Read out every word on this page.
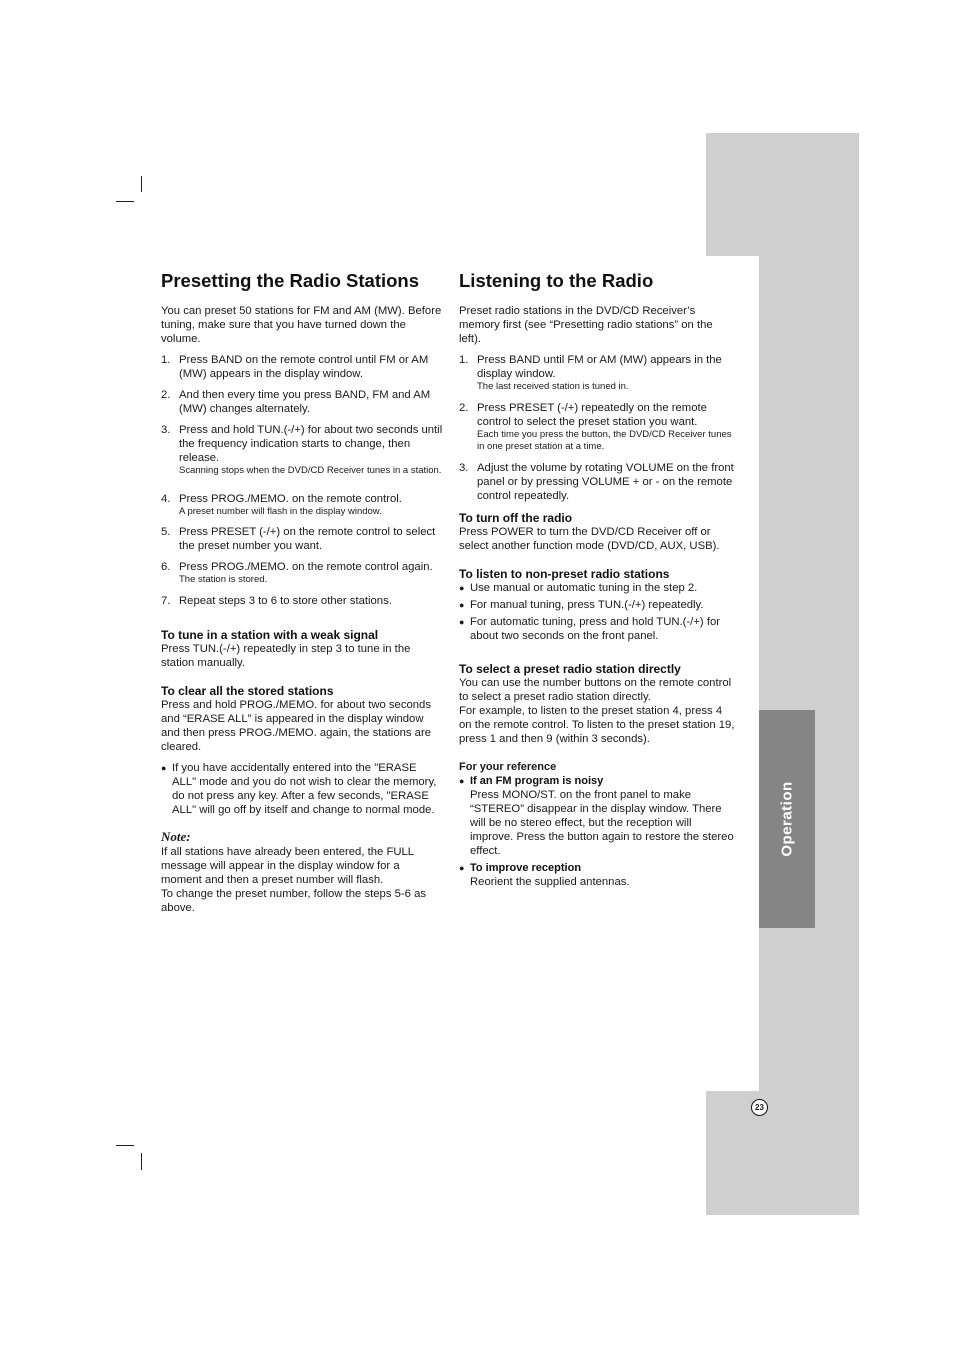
Operation
23
Presetting the Radio Stations

You can preset 50 stations for FM and AM (MW). Before tuning, make sure that you have turned down the volume.

1. Press BAND on the remote control until FM or AM (MW) appears in the display window.
2. And then every time you press BAND, FM and AM (MW) changes alternately.
3. Press and hold TUN.(-/+) for about two seconds until the frequency indication starts to change, then release.
Scanning stops when the DVD/CD Receiver tunes in a station.
4. Press PROG./MEMO. on the remote control.
A preset number will flash in the display window.
5. Press PRESET (-/+) on the remote control to select the preset number you want.
6. Press PROG./MEMO. on the remote control again.
The station is stored.
7. Repeat steps 3 to 6 to store other stations.
To tune in a station with a weak signal

Press TUN.(-/+) repeatedly in step 3 to tune in the station manually.

To clear all the stored stations

Press and hold PROG./MEMO. for about two seconds and “ERASE ALL” is appeared in the display window and then press PROG./MEMO. again, the stations are cleared.

● If you have accidentally entered into the "ERASE ALL" mode and you do not wish to clear the memory, do not press any key. After a few seconds, "ERASE ALL" will go off by itself and change to normal mode.
Note:

If all stations have already been entered, the FULL message will appear in the display window for a moment and then a preset number will flash.

To change the preset number, follow the steps 5-6 as above.

Listening to the Radio

Preset radio stations in the DVD/CD Receiver’s memory first (see “Presetting radio stations” on the left).

1. Press BAND until FM or AM (MW) appears in the display window.
The last received station is tuned in.
2. Press PRESET (-/+) repeatedly on the remote control to select the preset station you want.
Each time you press the button, the DVD/CD Receiver tunes in one preset station at a time.
3. Adjust the volume by rotating VOLUME on the front panel or by pressing VOLUME + or - on the remote control repeatedly.
To turn off the radio

Press POWER to turn the DVD/CD Receiver off or select another function mode (DVD/CD, AUX, USB).

To listen to non-preset radio stations
● Use manual or automatic tuning in the step 2.
● For manual tuning, press TUN.(-/+) repeatedly.
● For automatic tuning, press and hold TUN.(-/+) for about two seconds on the front panel.
To select a preset radio station directly

You can use the number buttons on the remote control to select a preset radio station directly.

For example, to listen to the preset station 4, press 4 on the remote control. To listen to the preset station 19, press 1 and then 9 (within 3 seconds).

For your reference
● If an FM program is noisy

Press MONO/ST. on the front panel to make “STEREO” disappear in the display window. There will be no stereo effect, but the reception will improve. Press the button again to restore the stereo effect.

● To improve reception

Reorient the supplied antennas.
